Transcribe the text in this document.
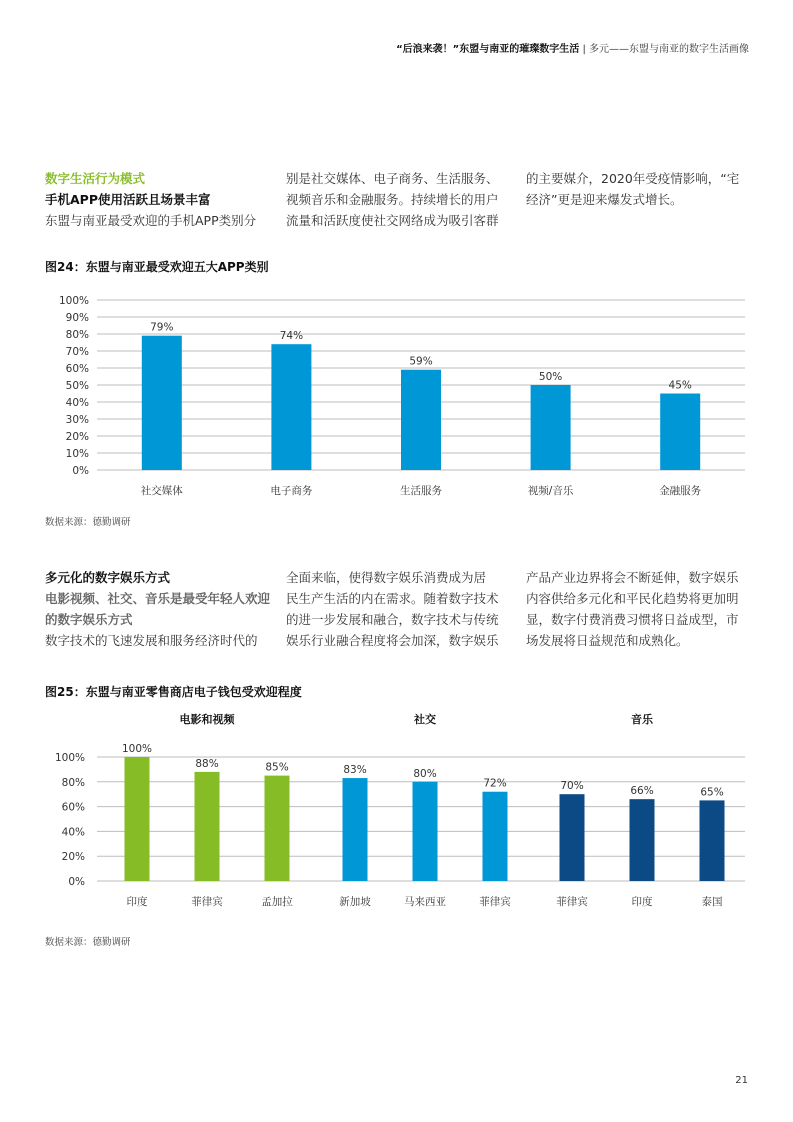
“后浪来袭！”东盟与南亚的璀璨数字生活 | 多元——东盟与南亚的数字生活画像
数字生活行为模式
手机APP使用活跃且场景丰富
东盟与南亚最受欢迎的手机APP类别分
别是社交媒体、电子商务、生活服务、
视频音乐和金融服务。持续增长的用户
流量和活跃度使社交网络成为吸引客群
的主要媒介，2020年受疫情影响，“宅
经济”更是迎来爆发式增长。
图24：东盟与南亚最受欢迎五大APP类别
0%
10%
20%
30%
40%
50%
60%
70%
80%
90%
100%
79%
社交媒体
74%
电子商务
59%
生活服务
50%
视频/音乐
45%
金融服务
数据来源：德勤调研
多元化的数字娱乐方式
电影视频、社交、音乐是最受年轻人欢迎
的数字娱乐方式
数字技术的飞速发展和服务经济时代的
全面来临，使得数字娱乐消费成为居
民生产生活的内在需求。随着数字技术
的进一步发展和融合，数字技术与传统
娱乐行业融合程度将会加深，数字娱乐
产品产业边界将会不断延伸，数字娱乐
内容供给多元化和平民化趋势将更加明
显，数字付费消费习惯将日益成型，市
场发展将日益规范和成熟化。
图25：东盟与南亚零售商店电子钱包受欢迎程度
0%
20%
40%
60%
80%
100%
电影和视频
100%
印度
88%
菲律宾
85%
孟加拉
社交
83%
新加坡
80%
马来西亚
72%
菲律宾
音乐
70%
菲律宾
66%
印度
65%
泰国
数据来源：德勤调研
21
